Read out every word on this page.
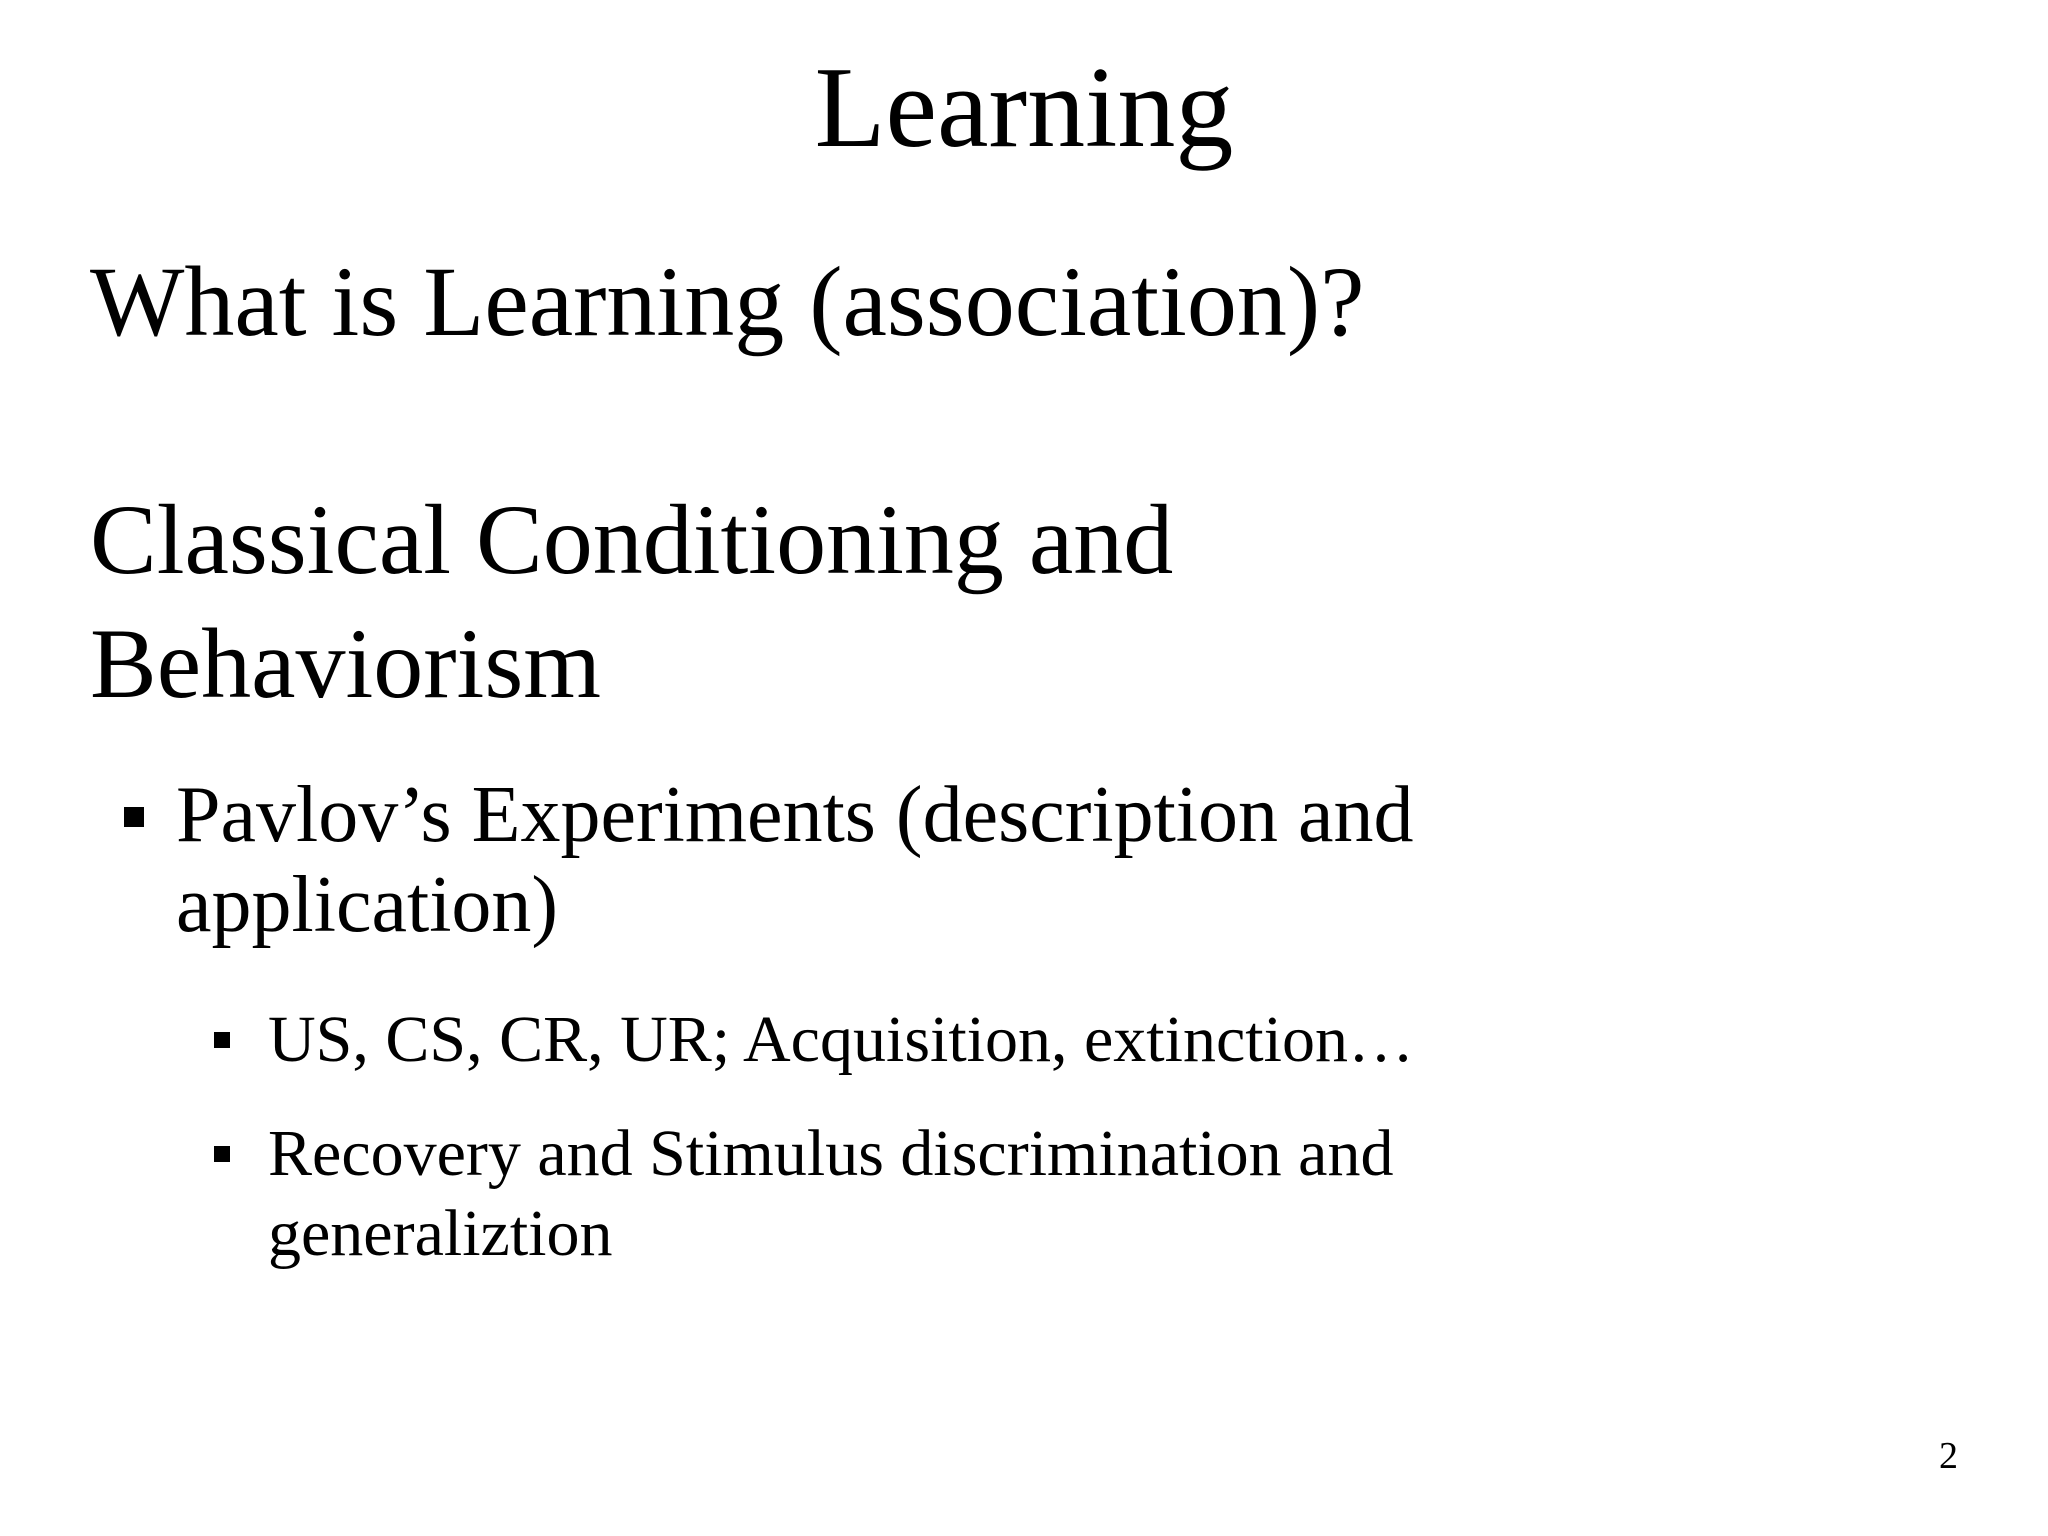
Learning
What is Learning (association)?
Classical Conditioning and Behaviorism
Pavlov’s Experiments (description and application)
US, CS, CR, UR; Acquisition, extinction…
Recovery and Stimulus discrimination and generaliztion
2
